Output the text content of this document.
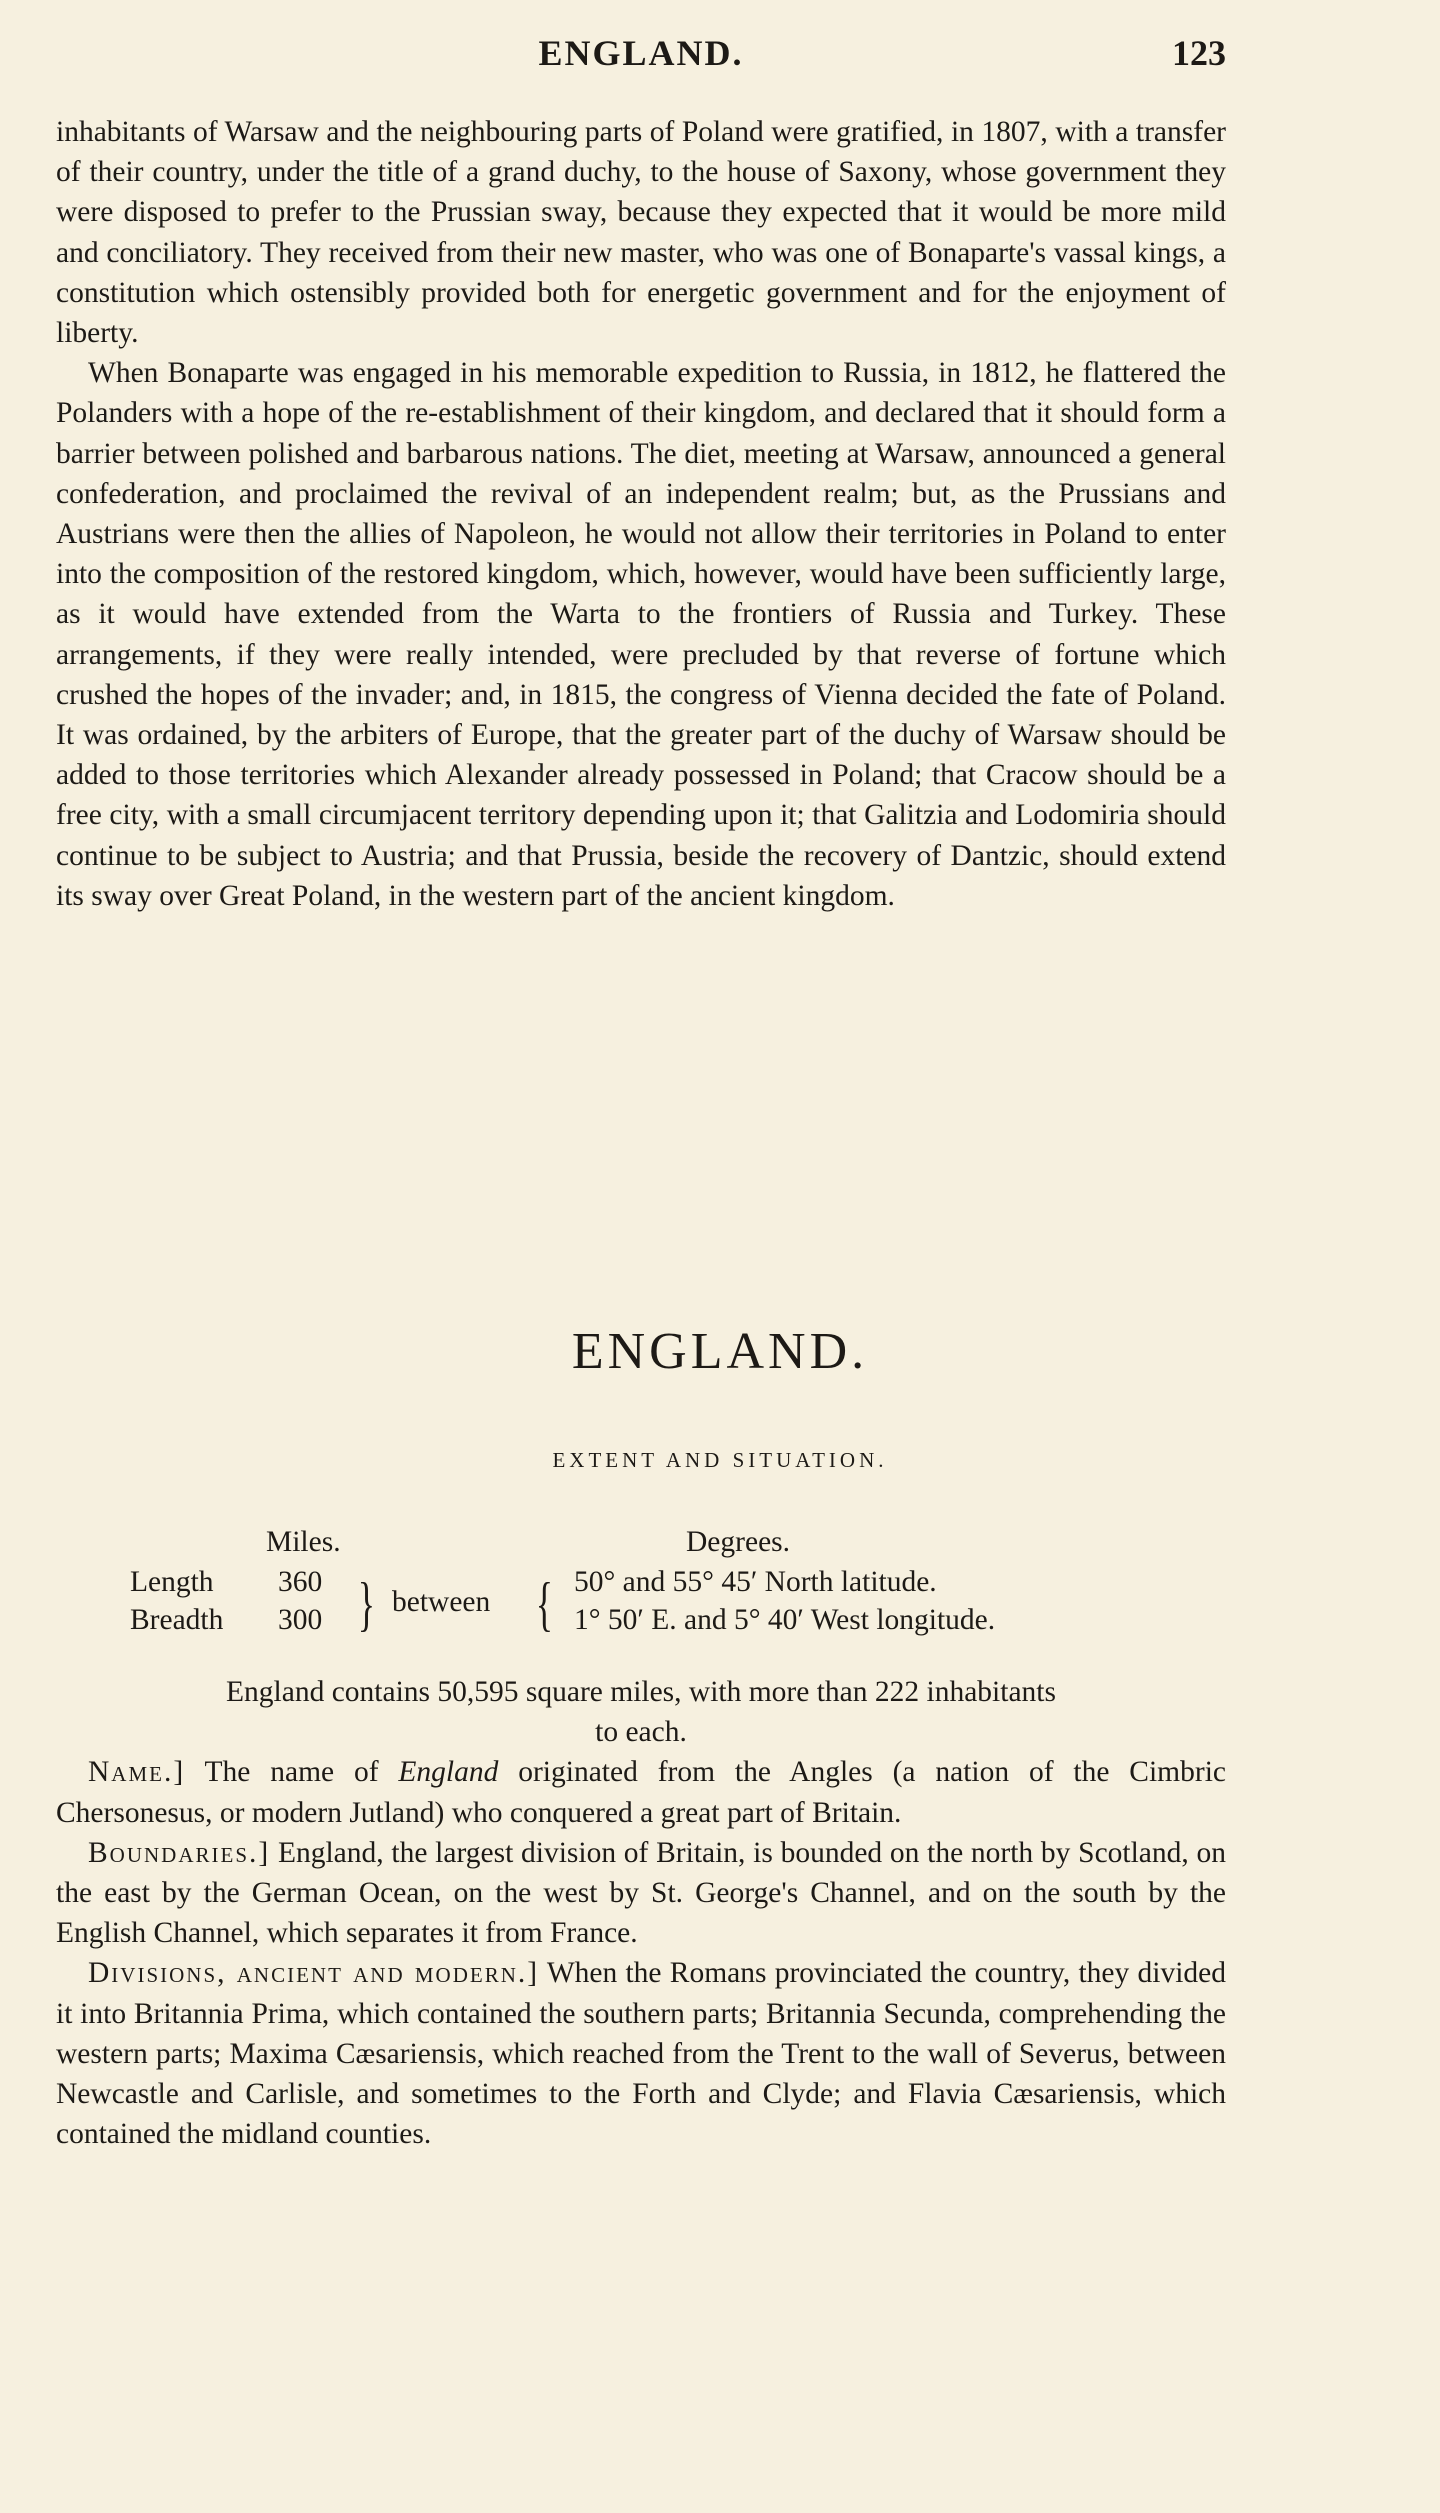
ENGLAND.	123

inhabitants of Warsaw and the neighbouring parts of Poland were gratified, in 1807, with a transfer of their country, under the title of a grand duchy, to the house of Saxony, whose government they were disposed to prefer to the Prussian sway, because they expected that it would be more mild and conciliatory. They received from their new master, who was one of Bonaparte's vassal kings, a constitution which ostensibly provided both for energetic government and for the enjoyment of liberty.

When Bonaparte was engaged in his memorable expedition to Russia, in 1812, he flattered the Polanders with a hope of the re-establishment of their kingdom, and declared that it should form a barrier between polished and barbarous nations. The diet, meeting at Warsaw, announced a general confederation, and proclaimed the revival of an independent realm; but, as the Prussians and Austrians were then the allies of Napoleon, he would not allow their territories in Poland to enter into the composition of the restored kingdom, which, however, would have been sufficiently large, as it would have extended from the Warta to the frontiers of Russia and Turkey. These arrangements, if they were really intended, were precluded by that reverse of fortune which crushed the hopes of the invader; and, in 1815, the congress of Vienna decided the fate of Poland. It was ordained, by the arbiters of Europe, that the greater part of the duchy of Warsaw should be added to those territories which Alexander already possessed in Poland; that Cracow should be a free city, with a small circumjacent territory depending upon it; that Galitzia and Lodomiria should continue to be subject to Austria; and that Prussia, beside the recovery of Dantzic, should extend its sway over Great Poland, in the western part of the ancient kingdom.

ENGLAND.
EXTENT AND SITUATION.
Miles.	Degrees.
Length 360
Breadth 300 } between { 50° and 55° 45′ North latitude.
1° 50′ E. and 5° 40′ West longitude.

England contains 50,595 square miles, with more than 222 inhabitants

to each.

Name.] The name of England originated from the Angles (a nation of the Cimbric Chersonesus, or modern Jutland) who conquered a great part of Britain.

Boundaries.] England, the largest division of Britain, is bounded on the north by Scotland, on the east by the German Ocean, on the west by St. George's Channel, and on the south by the English Channel, which separates it from France.

Divisions, ancient and modern.] When the Romans provinciated the country, they divided it into Britannia Prima, which contained the southern parts; Britannia Secunda, comprehending the western parts; Maxima Cæsariensis, which reached from the Trent to the wall of Severus, between Newcastle and Carlisle, and sometimes to the Forth and Clyde; and Flavia Cæsariensis, which contained the midland counties.
